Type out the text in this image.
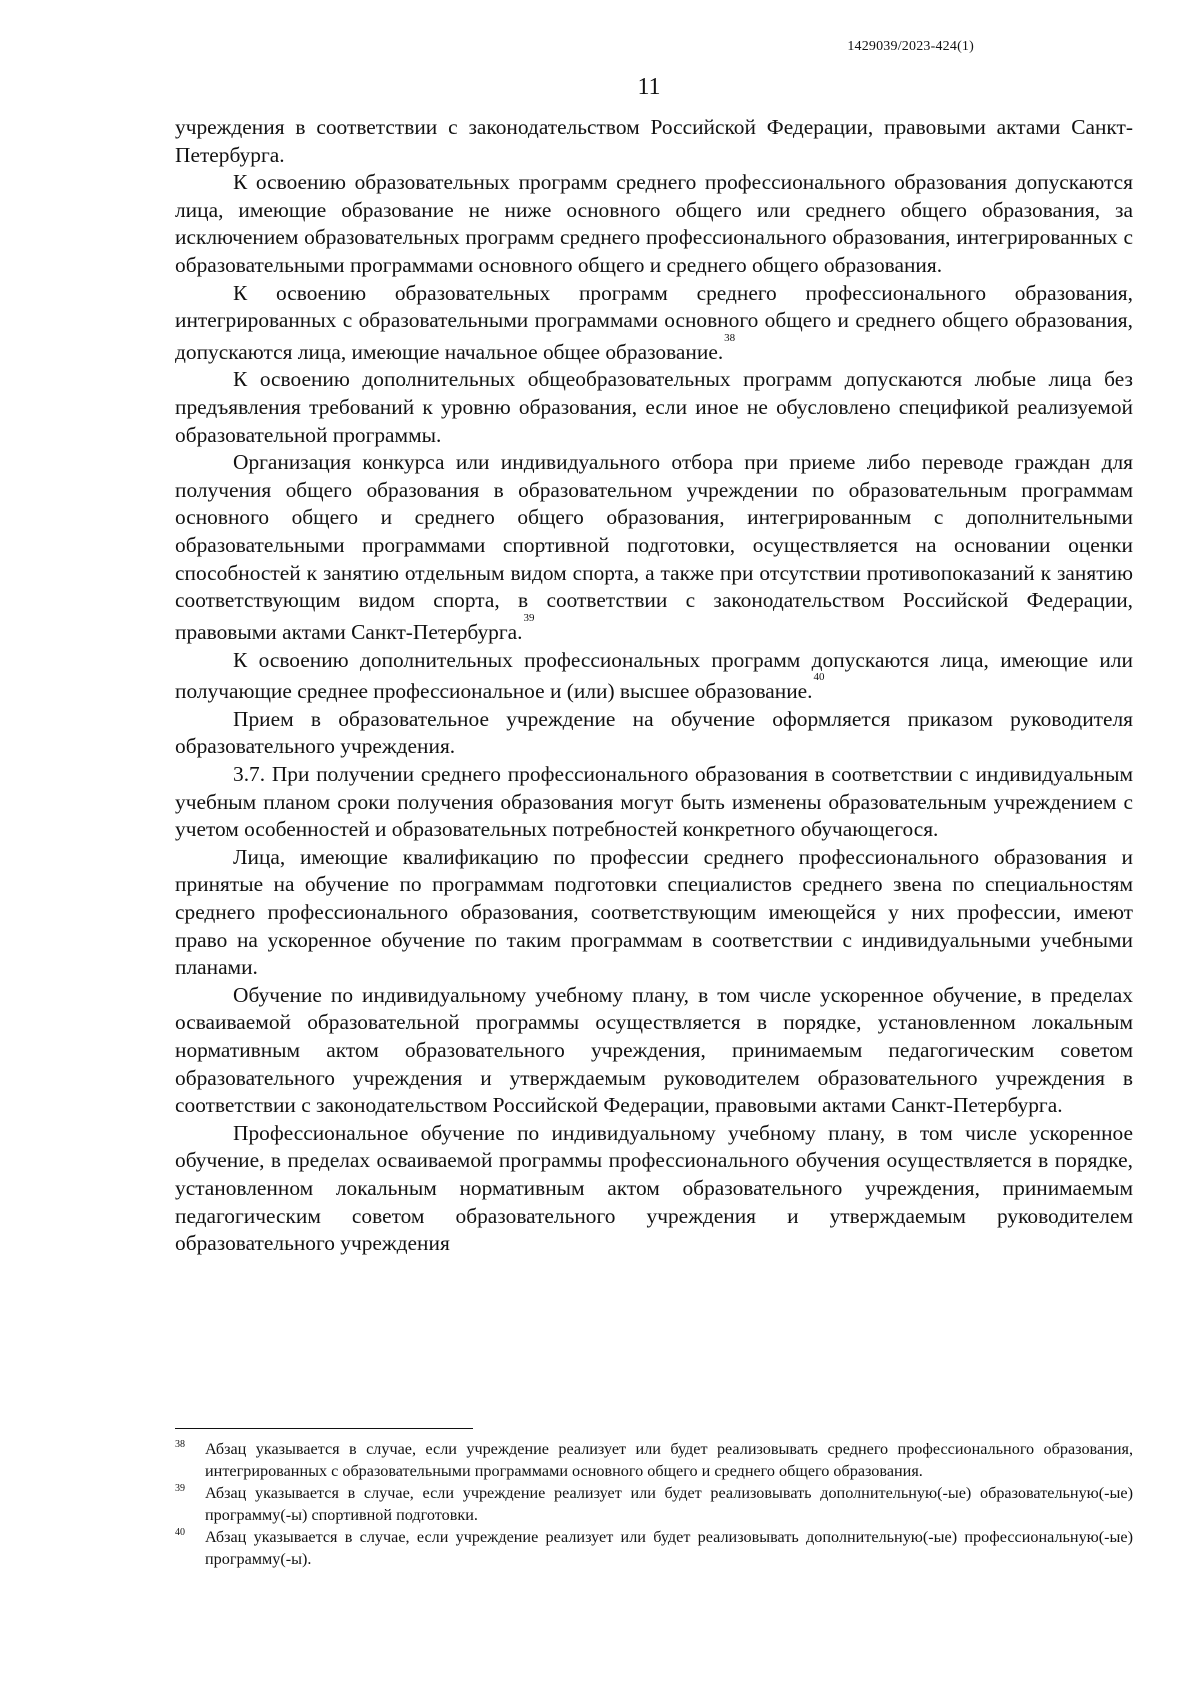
1429039/2023-424(1)
11

учреждения в соответствии с законодательством Российской Федерации, правовыми актами Санкт-Петербурга.

К освоению образовательных программ среднего профессионального образования допускаются лица, имеющие образование не ниже основного общего или среднего общего образования, за исключением образовательных программ среднего профессионального образования, интегрированных с образовательными программами основного общего и среднего общего образования.

К освоению образовательных программ среднего профессионального образования, интегрированных с образовательными программами основного общего и среднего общего образования, допускаются лица, имеющие начальное общее образование.$^{38}$

К освоению дополнительных общеобразовательных программ допускаются любые лица без предъявления требований к уровню образования, если иное не обусловлено спецификой реализуемой образовательной программы.

Организация конкурса или индивидуального отбора при приеме либо переводе граждан для получения общего образования в образовательном учреждении по образовательным программам основного общего и среднего общего образования, интегрированным с дополнительными образовательными программами спортивной подготовки, осуществляется на основании оценки способностей к занятию отдельным видом спорта, а также при отсутствии противопоказаний к занятию соответствующим видом спорта, в соответствии с законодательством Российской Федерации, правовыми актами Санкт-Петербурга.$^{39}$

К освоению дополнительных профессиональных программ допускаются лица, имеющие или получающие среднее профессиональное и (или) высшее образование.$^{40}$

Прием в образовательное учреждение на обучение оформляется приказом руководителя образовательного учреждения.

3.7. При получении среднего профессионального образования в соответствии с индивидуальным учебным планом сроки получения образования могут быть изменены образовательным учреждением с учетом особенностей и образовательных потребностей конкретного обучающегося.

Лица, имеющие квалификацию по профессии среднего профессионального образования и принятые на обучение по программам подготовки специалистов среднего звена по специальностям среднего профессионального образования, соответствующим имеющейся у них профессии, имеют право на ускоренное обучение по таким программам в соответствии с индивидуальными учебными планами.

Обучение по индивидуальному учебному плану, в том числе ускоренное обучение, в пределах осваиваемой образовательной программы осуществляется в порядке, установленном локальным нормативным актом образовательного учреждения, принимаемым педагогическим советом образовательного учреждения и утверждаемым руководителем образовательного учреждения в соответствии с законодательством Российской Федерации, правовыми актами Санкт-Петербурга.

Профессиональное обучение по индивидуальному учебному плану, в том числе ускоренное обучение, в пределах осваиваемой программы профессионального обучения осуществляется в порядке, установленном локальным нормативным актом образовательного учреждения, принимаемым педагогическим советом образовательного учреждения и утверждаемым руководителем образовательного учреждения

38 Абзац указывается в случае, если учреждение реализует или будет реализовывать среднего профессионального образования, интегрированных с образовательными программами основного общего и среднего общего образования.
39 Абзац указывается в случае, если учреждение реализует или будет реализовывать дополнительную(-ые) образовательную(-ые) программу(-ы) спортивной подготовки.
40 Абзац указывается в случае, если учреждение реализует или будет реализовывать дополнительную(-ые) профессиональную(-ые) программу(-ы).
